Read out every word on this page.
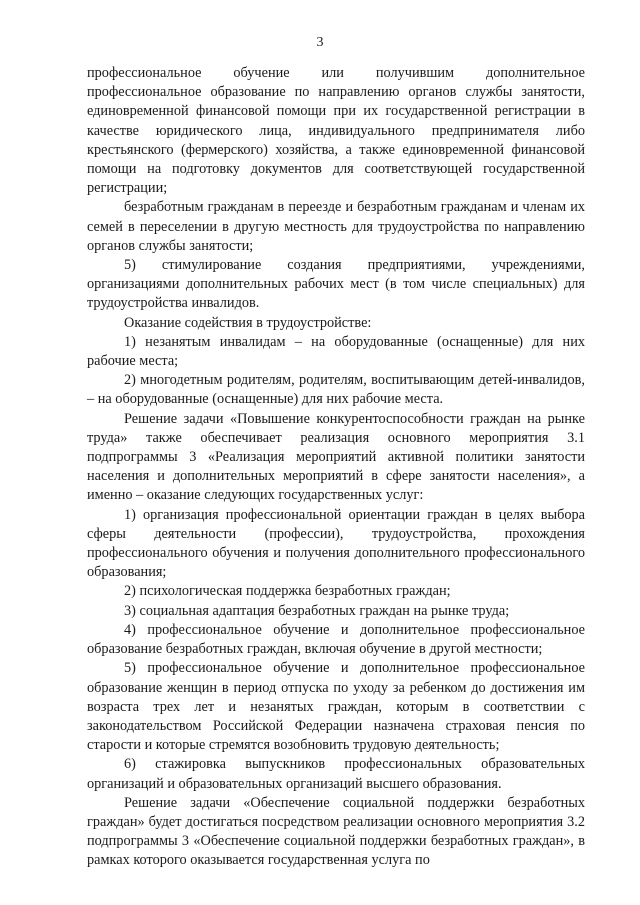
3

профессиональное обучение или получившим дополнительное профессиональное образование по направлению органов службы занятости, единовременной финансовой помощи при их государственной регистрации в качестве юридического лица, индивидуального предпринимателя либо крестьянского (фермерского) хозяйства, а также единовременной финансовой помощи на подготовку документов для соответствующей государственной регистрации;

безработным гражданам в переезде и безработным гражданам и членам их семей в переселении в другую местность для трудоустройства по направлению органов службы занятости;

5) стимулирование создания предприятиями, учреждениями, организациями дополнительных рабочих мест (в том числе специальных) для трудоустройства инвалидов.

Оказание содействия в трудоустройстве:

1) незанятым инвалидам – на оборудованные (оснащенные) для них рабочие места;

2) многодетным родителям, родителям, воспитывающим детей-инвалидов, – на оборудованные (оснащенные) для них рабочие места.

Решение задачи «Повышение конкурентоспособности граждан на рынке труда» также обеспечивает реализация основного мероприятия 3.1 подпрограммы 3 «Реализация мероприятий активной политики занятости населения и дополнительных мероприятий в сфере занятости населения», а именно – оказание следующих государственных услуг:

1) организация профессиональной ориентации граждан в целях выбора сферы деятельности (профессии), трудоустройства, прохождения профессионального обучения и получения дополнительного профессионального образования;

2) психологическая поддержка безработных граждан;

3) социальная адаптация безработных граждан на рынке труда;

4) профессиональное обучение и дополнительное профессиональное образование безработных граждан, включая обучение в другой местности;

5) профессиональное обучение и дополнительное профессиональное образование женщин в период отпуска по уходу за ребенком до достижения им возраста трех лет и незанятых граждан, которым в соответствии с законодательством Российской Федерации назначена страховая пенсия по старости и которые стремятся возобновить трудовую деятельность;

6) стажировка выпускников профессиональных образовательных организаций и образовательных организаций высшего образования.

Решение задачи «Обеспечение социальной поддержки безработных граждан» будет достигаться посредством реализации основного мероприятия 3.2 подпрограммы 3 «Обеспечение социальной поддержки безработных граждан», в рамках которого оказывается государственная услуга по
